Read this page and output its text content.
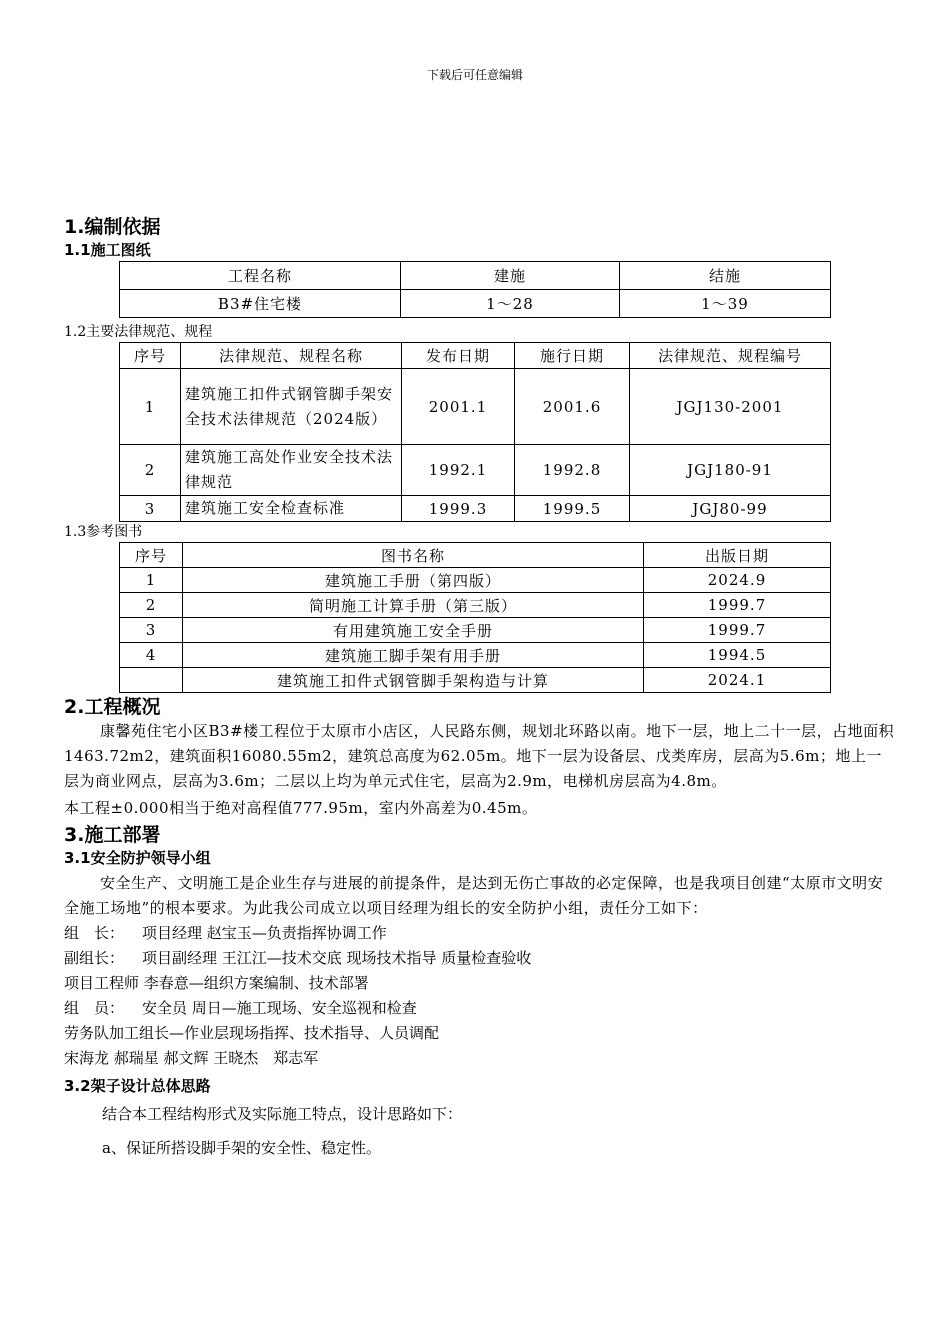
下载后可任意编辑
1.编制依据
1.1施工图纸
工程名称	建施	结施
B3#住宅楼	1～28	1～39
1.2主要法律规范、规程
序号	法律规范、规程名称	发布日期	施行日期	法律规范、规程编号
1	建筑施工扣件式钢管脚手架安全技术法律规范（2024版）	2001.1	2001.6	JGJ130-2001
2	建筑施工高处作业安全技术法律规范	1992.1	1992.8	JGJ180-91
3	建筑施工安全检查标准	1999.3	1999.5	JGJ80-99
1.3参考图书
序号	图书名称	出版日期
1	建筑施工手册（第四版）	2024.9
2	简明施工计算手册（第三版）	1999.7
3	有用建筑施工安全手册	1999.7
4	建筑施工脚手架有用手册	1994.5
	建筑施工扣件式钢管脚手架构造与计算	2024.1
2.工程概况

康馨苑住宅小区B3#楼工程位于太原市小店区，人民路东侧，规划北环路以南。地下一层，地上二十一层，占地面积1463.72m2，建筑面积16080.55m2，建筑总高度为62.05m。地下一层为设备层、戊类库房，层高为5.6m；地上一层为商业网点，层高为3.6m；二层以上均为单元式住宅，层高为2.9m，电梯机房层高为4.8m。

本工程±0.000相当于绝对高程值777.95m，室内外高差为0.45m。

3.施工部署
3.1安全防护领导小组

安全生产、文明施工是企业生存与进展的前提条件，是达到无伤亡事故的必定保障，也是我项目创建“太原市文明安全施工场地”的根本要求。为此我公司成立以项目经理为组长的安全防护小组，责任分工如下：

组　长： 项目经理 赵宝玉—负责指挥协调工作
副组长： 项目副经理 王江江—技术交底 现场技术指导 质量检查验收
项目工程师 李春意—组织方案编制、技术部署
组　员： 安全员 周日—施工现场、安全巡视和检查
劳务队加工组长—作业层现场指挥、技术指导、人员调配
宋海龙 郝瑞星 郝文辉 王晓杰　郑志军
3.2架子设计总体思路

结合本工程结构形式及实际施工特点，设计思路如下：

a、保证所搭设脚手架的安全性、稳定性。
